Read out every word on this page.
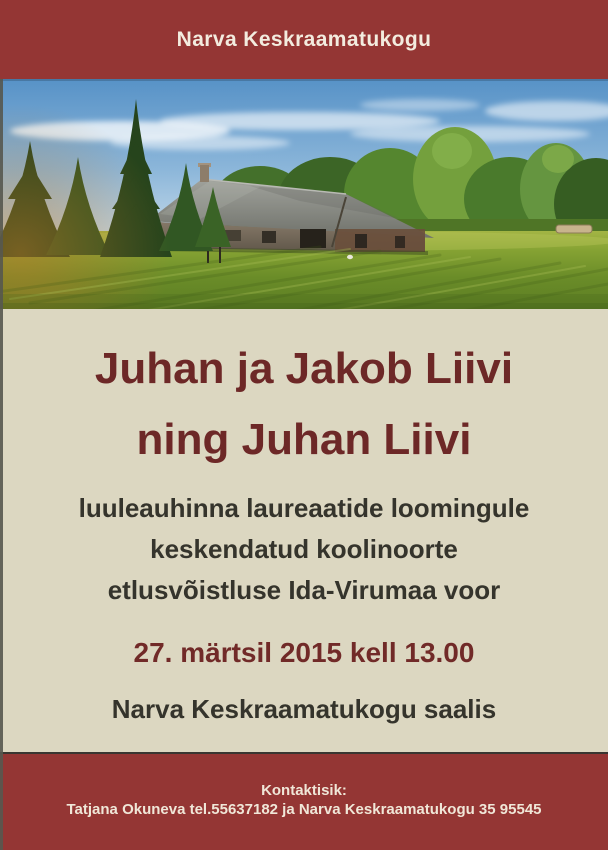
Narva Keskraamatukogu
Juhan ja Jakob Liivi
ning Juhan Liivi
luuleauhinna laureaatide loomingule
keskendatud koolinoorte
etlusvõistluse Ida-Virumaa voor
27. märtsil 2015 kell 13.00
Narva Keskraamatukogu saalis
Kontaktisik:
Tatjana Okuneva tel.55637182 ja Narva Keskraamatukogu 35 95545
